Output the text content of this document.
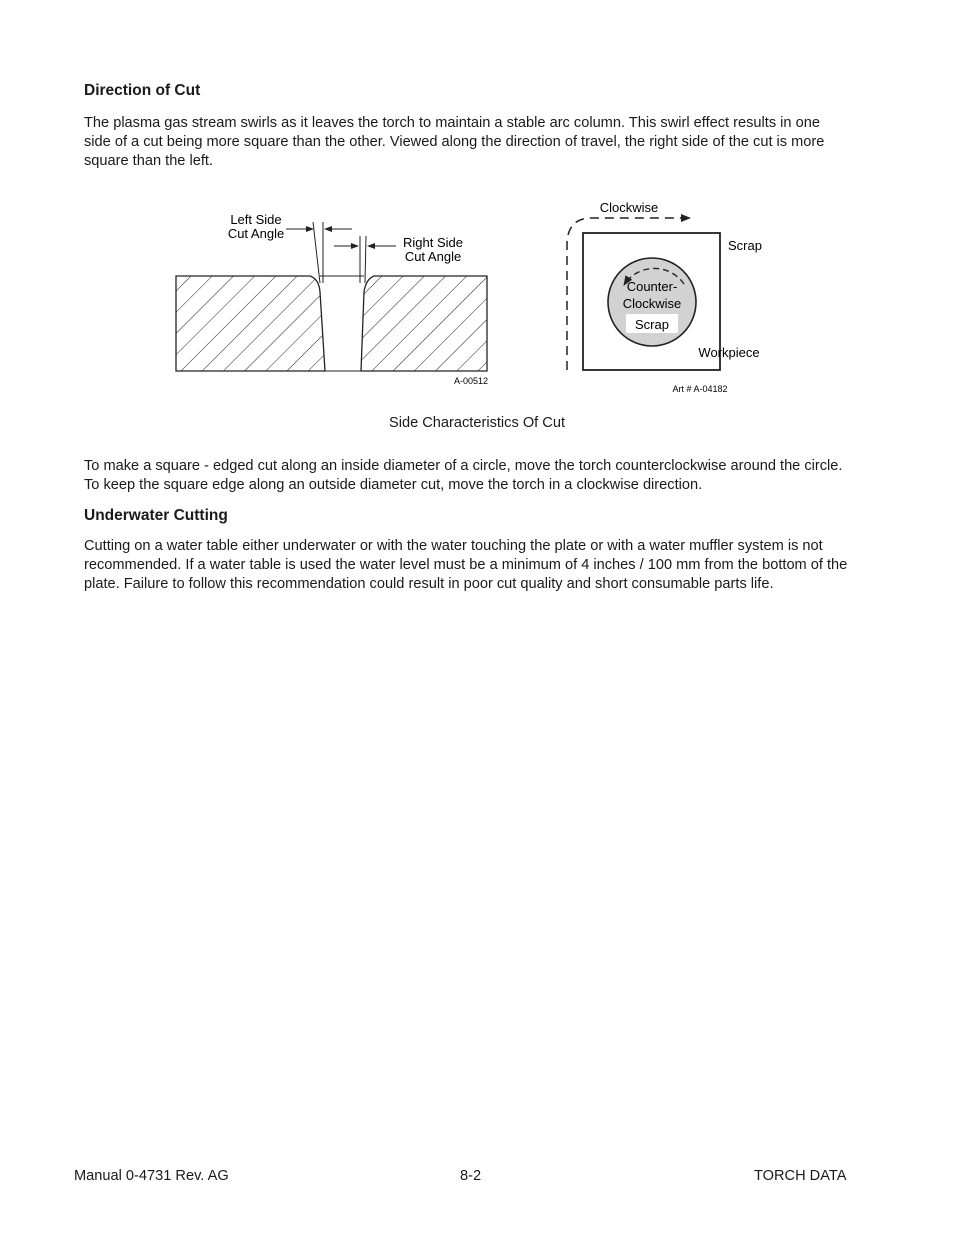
Direction of Cut
The plasma gas stream swirls as it leaves the torch to maintain a stable arc column. This swirl effect results in one
side of a cut being more square than the other. Viewed along the direction of travel, the right side of the cut is more
square than the left.
Left Side
Cut Angle
Right Side
Cut Angle
A-00512
Clockwise
Scrap
Counter-
Clockwise
Scrap
Workpiece
Art # A-04182
Side Characteristics Of Cut
To make a square - edged cut along an inside diameter of a circle, move the torch counterclockwise around the circle.
To keep the square edge along an outside diameter cut, move the torch in a clockwise direction.
Underwater Cutting
Cutting on a water table either underwater or with the water touching the plate or with a water muffler system is not
recommended. If a water table is used the water level must be a minimum of 4 inches / 100 mm from the bottom of the
plate. Failure to follow this recommendation could result in poor cut quality and short consumable parts life.
Manual 0-4731 Rev. AG	8-2	TORCH DATA
